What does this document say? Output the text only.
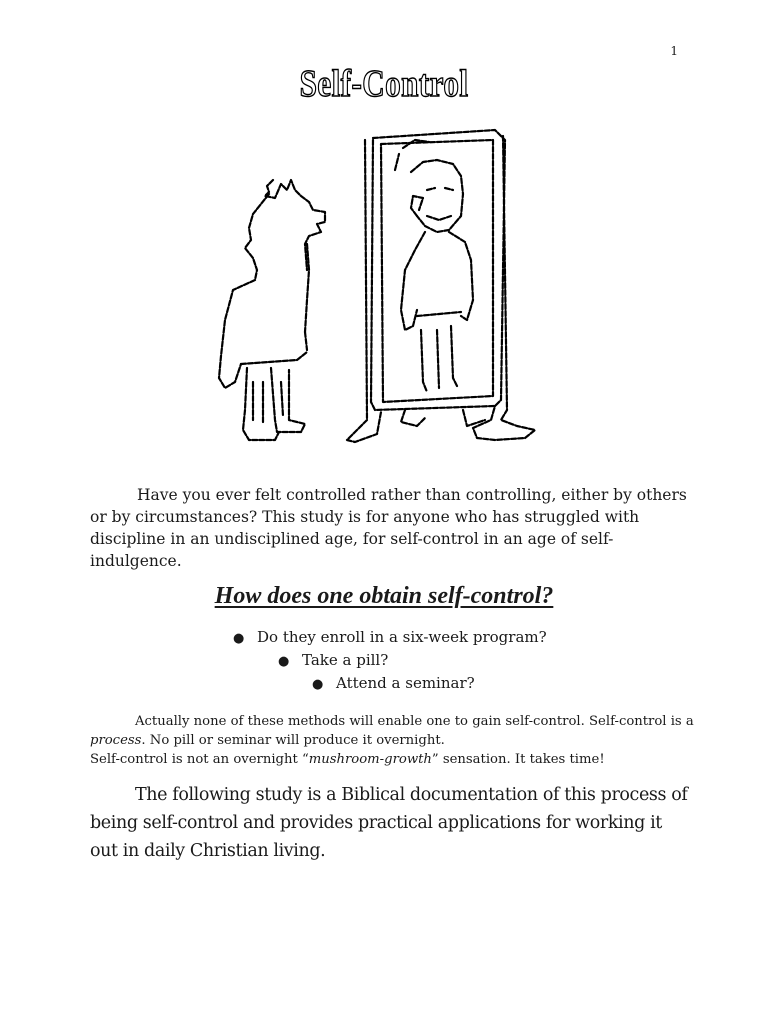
1
Self-Control

Have you ever felt controlled rather than controlling, either by others or by circumstances? This study is for anyone who has struggled with discipline in an undisciplined age, for self-control in an age of self-indulgence.

How does one obtain self-control?
● Do they enroll in a six-week program?
● Take a pill?
● Attend a seminar?

Actually none of these methods will enable one to gain self-control. Self-control is a process. No pill or seminar will produce it overnight.
Self-control is not an overnight “mushroom-growth” sensation. It takes time!

The following study is a Biblical documentation of this process of being self-control and provides practical applications for working it out in daily Christian living.
